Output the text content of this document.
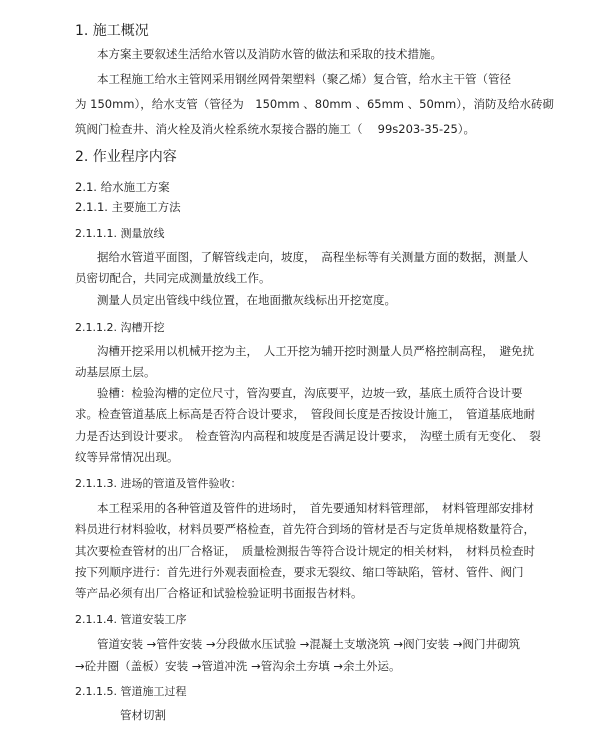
1. 施工概况
本方案主要叙述生活给水管以及消防水管的做法和采取的技术措施。
本工程施工给水主管网采用钢丝网骨架塑料（聚乙烯）复合管，给水主干管（管径
为 150mm），给水支管（管径为　150mm 、80mm 、65mm 、50mm），消防及给水砖砌
筑阀门检查井、消火栓及消火栓系统水泵接合器的施工（　 99s203-35-25）。
2. 作业程序内容
2.1. 给水施工方案
2.1.1. 主要施工方法
2.1.1.1. 测量放线
据给水管道平面图，了解管线走向，坡度，　高程坐标等有关测量方面的数据，测量人
员密切配合，共同完成测量放线工作。
测量人员定出管线中线位置，在地面撒灰线标出开挖宽度。
2.1.1.2. 沟槽开挖
沟槽开挖采用以机械开挖为主，　人工开挖为辅开挖时测量人员严格控制高程，　避免扰
动基层原土层。
验槽：检验沟槽的定位尺寸，管沟要直，沟底要平，边坡一致，基底土质符合设计要
求。检查管道基底上标高是否符合设计要求，　管段间长度是否按设计施工，　管道基底地耐
力是否达到设计要求。　检查管沟内高程和坡度是否满足设计要求，　沟壁土质有无变化、　裂
纹等异常情况出现。
2.1.1.3. 进场的管道及管件验收：
本工程采用的各种管道及管件的进场时，　首先要通知材料管理部，　材料管理部安排材
料员进行材料验收，材料员要严格检查，首先符合到场的管材是否与定货单规格数量符合，
其次要检查管材的出厂合格证，　质量检测报告等符合设计规定的相关材料，　材料员检查时
按下列顺序进行：首先进行外观表面检查，要求无裂纹、缩口等缺陷，管材、管件、阀门
等产品必须有出厂合格证和试验检验证明书面报告材料。
2.1.1.4. 管道安装工序
管道安装 →管件安装 →分段做水压试验 →混凝土支墩浇筑 →阀门安装 →阀门井砌筑
→砼井圈（盖板）安装 →管道冲洗 →管沟余土夯填 →余土外运。
2.1.1.5. 管道施工过程
管材切割
